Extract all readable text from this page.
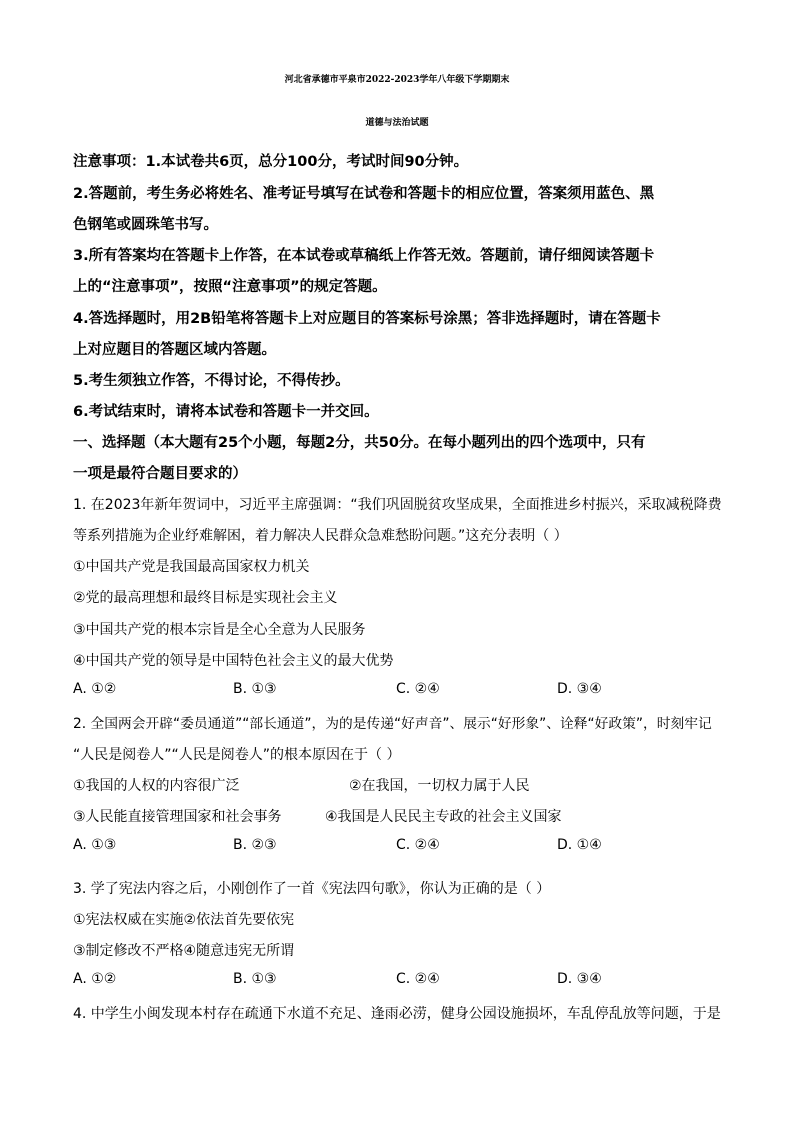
河北省承德市平泉市2022-2023学年八年级下学期期末
道德与法治试题
注意事项：1.本试卷共6页，总分100分，考试时间90分钟。
2.答题前，考生务必将姓名、准考证号填写在试卷和答题卡的相应位置，答案须用蓝色、黑
色钢笔或圆珠笔书写。
3.所有答案均在答题卡上作答，在本试卷或草稿纸上作答无效。答题前，请仔细阅读答题卡
上的“注意事项”，按照“注意事项”的规定答题。
4.答选择题时，用2B铅笔将答题卡上对应题目的答案标号涂黑；答非选择题时，请在答题卡
上对应题目的答题区域内答题。
5.考生须独立作答，不得讨论，不得传抄。
6.考试结束时，请将本试卷和答题卡一并交回。
一、选择题（本大题有25个小题，每题2分，共50分。在每小题列出的四个选项中，只有
一项是最符合题目要求的）
1. 在2023年新年贺词中，习近平主席强调：“我们巩固脱贫攻坚成果，全面推进乡村振兴，采取减税降费
等系列措施为企业纾难解困，着力解决人民群众急难愁盼问题。”这充分表明（ ）
①中国共产党是我国最高国家权力机关
②党的最高理想和最终目标是实现社会主义
③中国共产党的根本宗旨是全心全意为人民服务
④中国共产党的领导是中国特色社会主义的最大优势
A. ①②	B. ①③	C. ②④	D. ③④
2. 全国两会开辟“委员通道”“部长通道”，为的是传递“好声音”、展示“好形象”、诠释“好政策”，时刻牢记
“人民是阅卷人”“人民是阅卷人”的根本原因在于（ ）
①我国的人权的内容很广泛	②在我国，一切权力属于人民
③人民能直接管理国家和社会事务	④我国是人民民主专政的社会主义国家
A. ①③	B. ②③	C. ②④	D. ①④
3. 学了宪法内容之后，小刚创作了一首《宪法四句歌》，你认为正确的是（ ）
①宪法权威在实施②依法首先要依宪
③制定修改不严格④随意违宪无所谓
A. ①②	B. ①③	C. ②④	D. ③④
4. 中学生小闽发现本村存在疏通下水道不充足、逢雨必涝，健身公园设施损坏，车乱停乱放等问题，于是
